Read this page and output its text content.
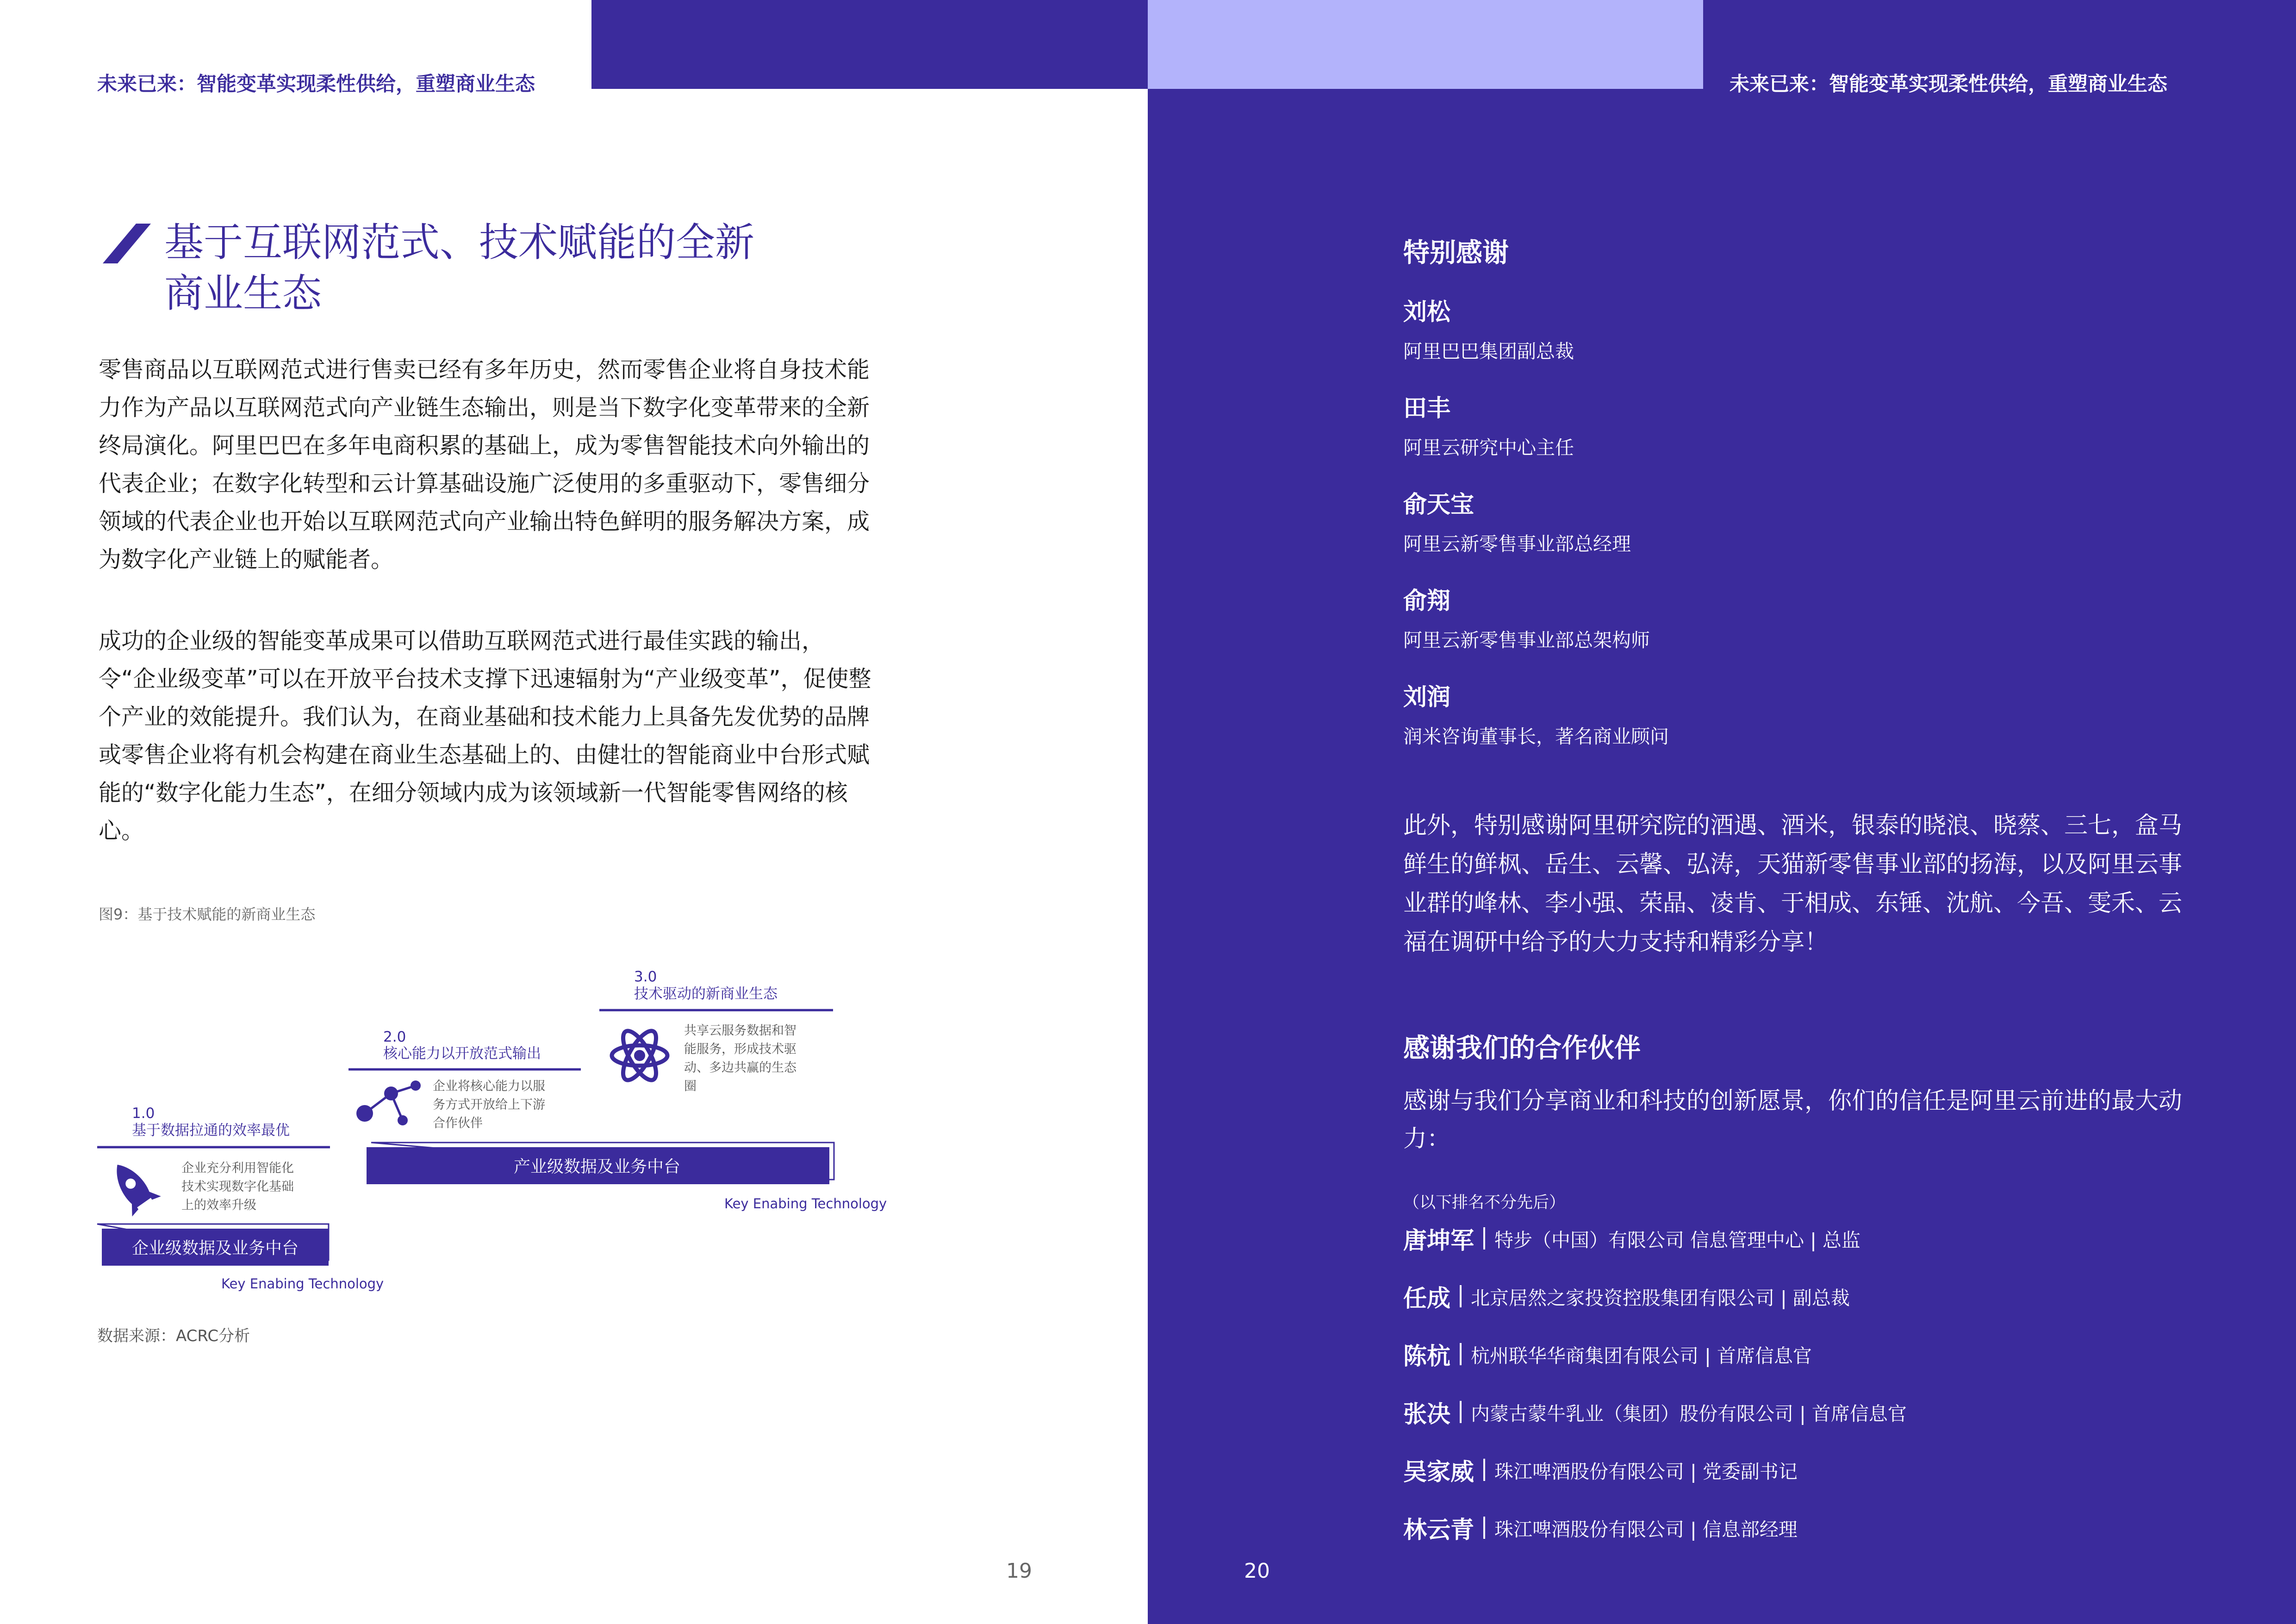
未来已来：智能变革实现柔性供给，重塑商业生态	未来已来：智能变革实现柔性供给，重塑商业生态
基于互联网范式、技术赋能的全新
商业生态
零售商品以互联网范式进行售卖已经有多年历史，然而零售企业将自身技术能力作为产品以互联网范式向产业链生态输出，则是当下数字化变革带来的全新终局演化。阿里巴巴在多年电商积累的基础上，成为零售智能技术向外输出的代表企业；在数字化转型和云计算基础设施广泛使用的多重驱动下，零售细分领域的代表企业也开始以互联网范式向产业输出特色鲜明的服务解决方案，成为数字化产业链上的赋能者。
成功的企业级的智能变革成果可以借助互联网范式进行最佳实践的输出， 令“企业级变革”可以在开放平台技术支撑下迅速辐射为“产业级变革”，促使整个产业的效能提升。我们认为，在商业基础和技术能力上具备先发优势的品牌或零售企业将有机会构建在商业生态基础上的、由健壮的智能商业中台形式赋能的“数字化能力生态”，在细分领域内成为该领域新一代智能零售网络的核心。
图9：基于技术赋能的新商业生态
3.0
技术驱动的新商业生态
共享云服务数据和智
能服务，形成技术驱
动、多边共赢的生态
圈
2.0
核心能力以开放范式输出
企业将核心能力以服
务方式开放给上下游
合作伙伴
产业级数据及业务中台
Key Enabing Technology
1.0
基于数据拉通的效率最优
企业充分利用智能化
技术实现数字化基础
上的效率升级
企业级数据及业务中台
Key Enabing Technology
数据来源：ACRC分析
19
特别感谢
刘松
阿里巴巴集团副总裁
田丰
阿里云研究中心主任
俞天宝
阿里云新零售事业部总经理
俞翔
阿里云新零售事业部总架构师
刘润
润米咨询董事长，著名商业顾问
此外，特别感谢阿里研究院的酒遇、酒米，银泰的晓浪、晓蔡、三七，盒马鲜生的鲜枫、岳生、云馨、弘涛，天猫新零售事业部的扬海，以及阿里云事业群的峰林、李小强、荣晶、凌肯、于相成、东锤、沈航、今吾、雯禾、云福在调研中给予的大力支持和精彩分享！
感谢我们的合作伙伴
感谢与我们分享商业和科技的创新愿景，你们的信任是阿里云前进的最大动力：
（以下排名不分先后）
唐坤军 特步（中国）有限公司 信息管理中心 | 总监
任成 北京居然之家投资控股集团有限公司 | 副总裁
陈杭 杭州联华华商集团有限公司 | 首席信息官
张决 内蒙古蒙牛乳业（集团）股份有限公司 | 首席信息官
吴家威 珠江啤酒股份有限公司 | 党委副书记
林云青 珠江啤酒股份有限公司 | 信息部经理
20
